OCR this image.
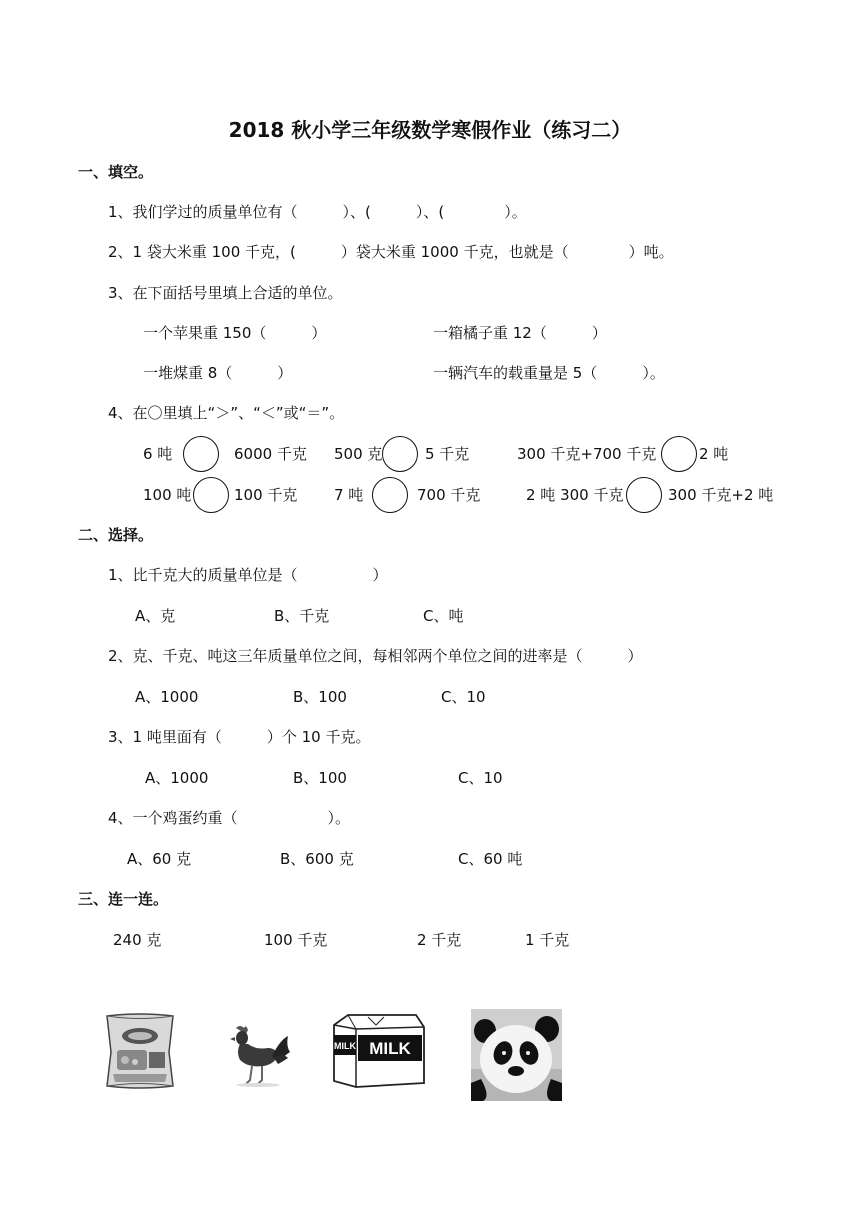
2018 秋小学三年级数学寒假作业（练习二）
一、填空。
1、我们学过的质量单位有（　　　）、(　　　）、(　　　　）。
2、1 袋大米重 100 千克，(　　　）袋大米重 1000 千克，也就是（　　　　）吨。
3、在下面括号里填上合适的单位。
一个苹果重 150（　　　）	一箱橘子重 12（　　　）
一堆煤重 8（　　　）	一辆汽车的载重量是 5（　　　）。
4、在〇里填上“＞”、“＜”或“＝”。
6 吨	6000 千克 500 克	5 千克	300 千克+700 千克	2 吨
100 吨	100 千克 7 吨	700 千克	2 吨 300 千克	300 千克+2 吨
二、选择。
1、比千克大的质量单位是（　　　　　）
A、克	B、千克	C、吨
2、克、千克、吨这三年质量单位之间，每相邻两个单位之间的进率是（　　　）
A、1000	B、100	C、10
3、1 吨里面有（　　　）个 10 千克。
A、1000	B、100	C、10
4、一个鸡蛋约重（　　　　　　）。
A、60 克	B、600 克	C、60 吨
三、连一连。
240 克	100 千克	2 千克	1 千克
MILK
MILK
